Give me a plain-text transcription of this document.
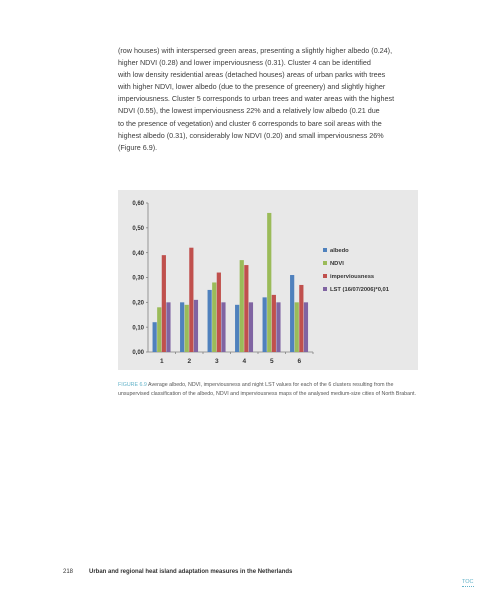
(row houses) with interspersed green areas, presenting a slightly higher albedo (0.24),
higher NDVI (0.28) and lower imperviousness (0.31). Cluster 4 can be identified
with low density residential areas (detached houses) areas of urban parks with trees
with higher NDVI, lower albedo (due to the presence of greenery) and slightly higher
imperviousness. Cluster 5 corresponds to urban trees and water areas with the highest
NDVI (0.55), the lowest imperviousness 22% and a relatively low albedo (0.21 due
to the presence of vegetation) and cluster 6 corresponds to bare soil areas with the
highest albedo (0.31), considerably low NDVI (0.20) and small imperviousness 26%
(Figure 6.9).
0,00
0,10
0,20
0,30
0,40
0,50
0,60
1	2	3	4	5	6
albedo
NDVI
imperviousness
LST (16/07/2006)*0,01
FIGURE 6.9 Average albedo, NDVI, imperviousness and night LST values for each of the 6 clusters resulting from the unsupervised classification of the albedo, NDVI and imperviousness maps of the analysed medium-size cities of North Brabant.
218	Urban and regional heat island adaptation measures in the Netherlands
TOC
